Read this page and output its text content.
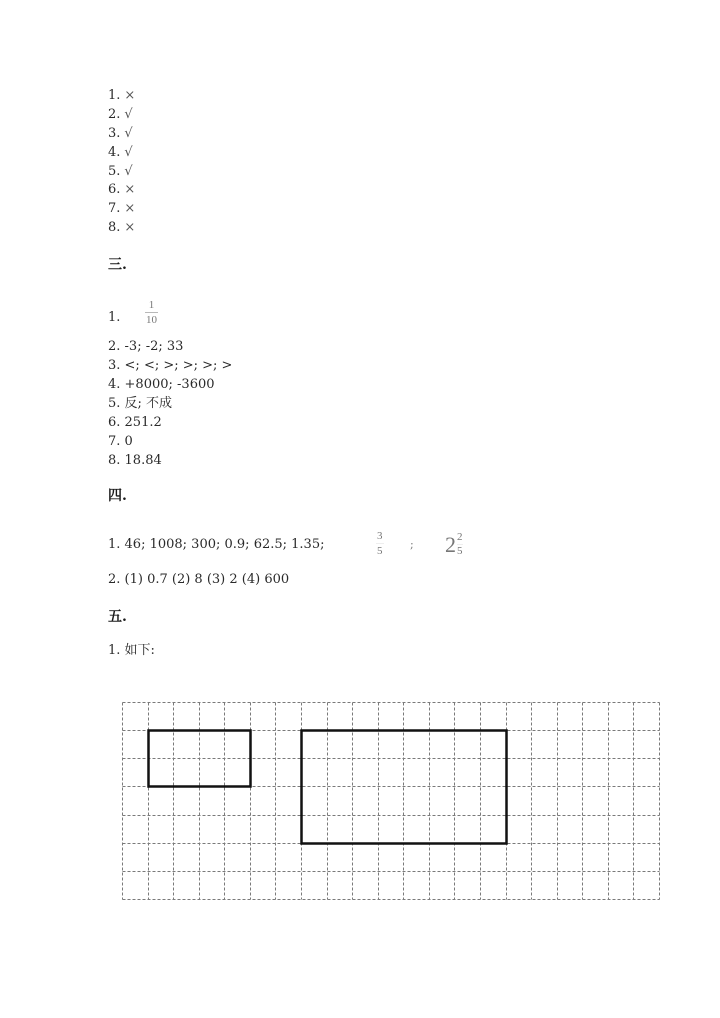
1. ×
2. √
3. √
4. √
5. √
6. ×
7. ×
8. ×
三.
1.
1
10
2. -3; -2; 33
3. <; <; >; >; >; >
4. +8000; -3600
5. 反; 不成
6. 251.2
7. 0
8. 18.84
四.
1. 46; 1008; 300; 0.9; 62.5; 1.35;
3
5	; 2 2
5
2. (1) 0.7 (2) 8 (3) 2 (4) 600
五.
1. 如下:
